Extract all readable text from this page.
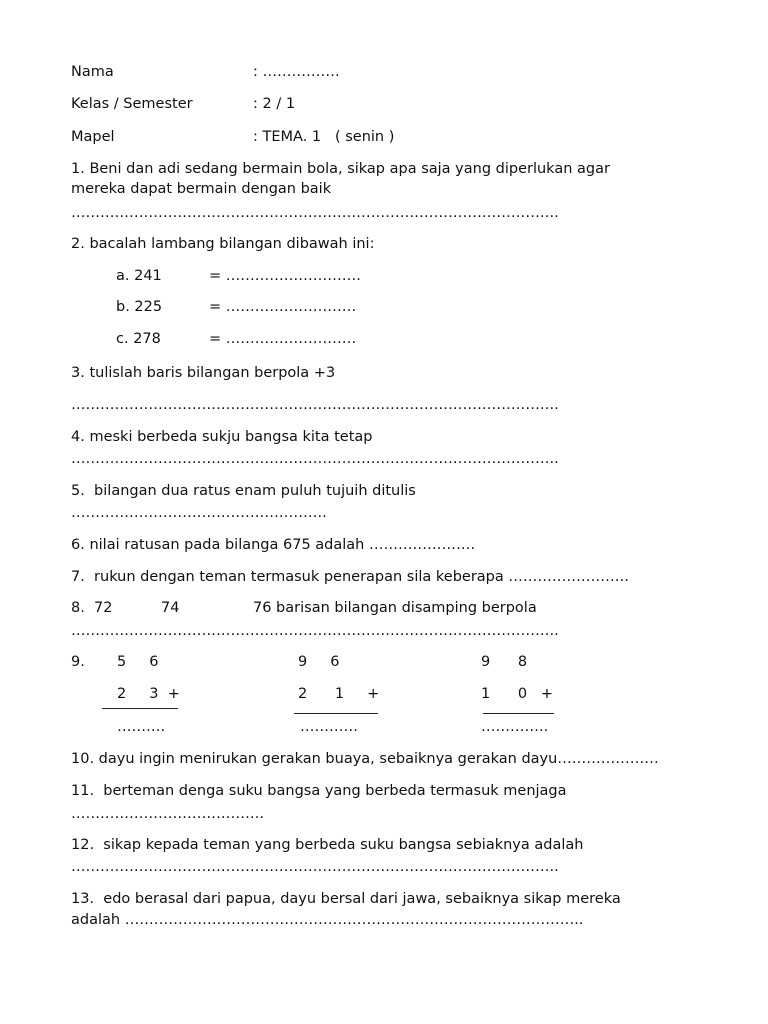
Nama	: …………….
Kelas / Semester	: 2 / 1
Mapel	: TEMA. 1   ( senin )
1. Beni dan adi sedang bermain bola, sikap apa saja yang diperlukan agar
mereka dapat bermain dengan baik
………………………………………………………………………………………..
2. bacalah lambang bilangan dibawah ini:
a. 241	= ……………………….
b. 225	= ………………………
c. 278	= ………………………
3. tulislah baris bilangan berpola +3
………………………………………………………………………………………..
4. meski berbeda sukju bangsa kita tetap
………………………………………………………………………………………..
5.  bilangan dua ratus enam puluh tujuih ditulis
……………………………………………..
6. nilai ratusan pada bilanga 675 adalah ………………….
7.  rukun dengan teman termasuk penerapan sila keberapa …………………….
8.  72	74	76 barisan bilangan disamping berpola
………………………………………………………………………………………..
9. 5     6
2     3  +
……….
9     6
2      1     +
…………
9      8
1      0   +
…………..
10. dayu ingin menirukan gerakan buaya, sebaiknya gerakan dayu…………………
11.  berteman denga suku bangsa yang berbeda termasuk menjaga
………………………………….
12.  sikap kepada teman yang berbeda suku bangsa sebiaknya adalah
………………………………………………………………………………………..
13.  edo berasal dari papua, dayu bersal dari jawa, sebaiknya sikap mereka
adalah …………………………………………………………………………………..
